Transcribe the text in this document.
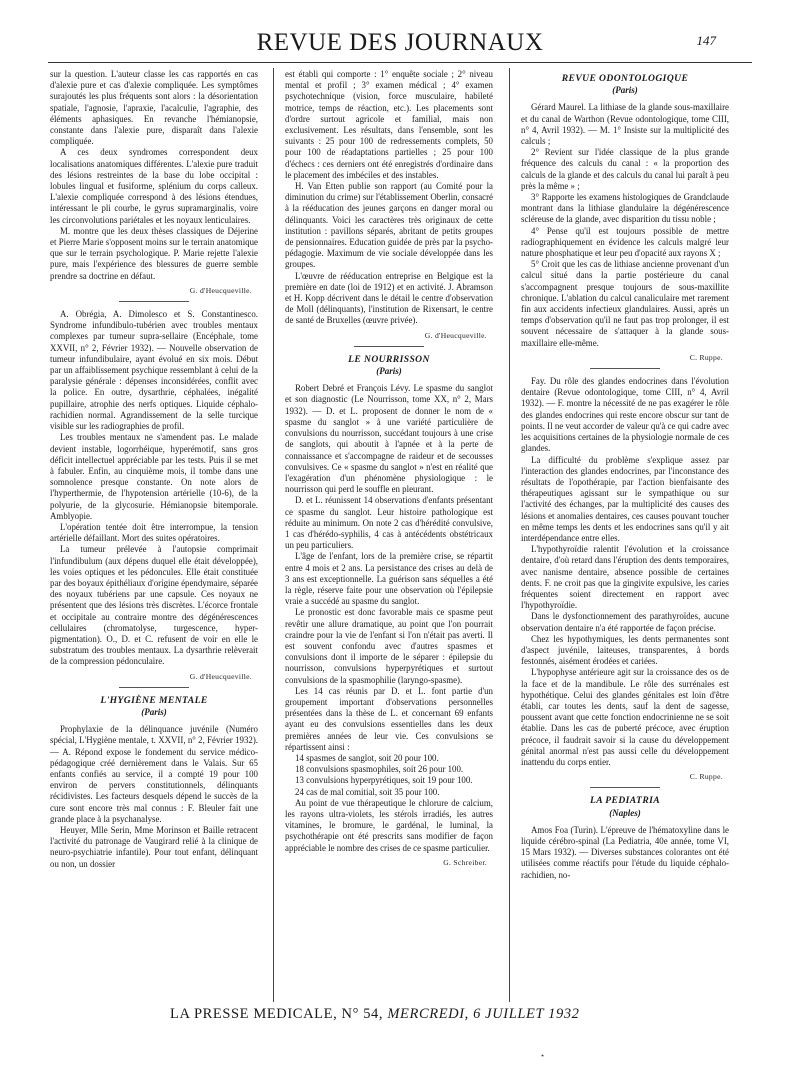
REVUE DES JOURNAUX	147

sur la question. L'auteur classe les cas rapportés en cas d'alexie pure et cas d'alexie compliquée. Les symptômes surajoutés les plus fréquents sont alors : la désorientation spatiale, l'agnosie, l'apraxie, l'acalculie, l'agraphie, des éléments aphasiques. En revanche l'hémianopsie, constante dans l'alexie pure, disparaît dans l'alexie compliquée.

A ces deux syndromes correspondent deux localisations anatomiques différentes. L'alexie pure traduit des lésions restreintes de la base du lobe occipital : lobules lingual et fusiforme, splénium du corps calleux. L'alexie compliquée correspond à des lésions étendues, intéressant le pli courbe, le gyrus supramarginalis, voire les circonvolutions pariétales et les noyaux lenticulaires.

M. montre que les deux thèses classiques de Déjerine et Pierre Marie s'opposent moins sur le terrain anatomique que sur le terrain psychologique. P. Marie rejette l'alexie pure, mais l'expérience des blessures de guerre semble prendre sa doctrine en défaut.

G. d'Heucqueville.

A. Obrégia, A. Dimolesco et S. Constantinesco. Syndrome infundibulo-tubérien avec troubles mentaux complexes par tumeur supra-sellaire (Encéphale, tome XXVII, n° 2, Février 1932). — Nouvelle observation de tumeur infundibulaire, ayant évolué en six mois. Début par un affaiblissement psychique ressemblant à celui de la paralysie générale : dépenses inconsidérées, conflit avec la police. En outre, dysarthrie, céphalées, inégalité pupillaire, atrophie des nerfs optiques. Liquide céphalo-rachidien normal. Agrandissement de la selle turcique visible sur les radiographies de profil.

Les troubles mentaux ne s'amendent pas. Le malade devient instable, logorrhéique, hyperémotif, sans gros déficit intellectuel appréciable par les tests. Puis il se met à fabuler. Enfin, au cinquième mois, il tombe dans une somnolence presque constante. On note alors de l'hyperthermie, de l'hypotension artérielle (10-6), de la polyurie, de la glycosurie. Hémianopsie bitemporale. Amblyopie.

L'opération tentée doit être interrompue, la tension artérielle défaillant. Mort des suites opératoires.

La tumeur prélevée à l'autopsie comprimait l'infundibulum (aux dépens duquel elle était développée), les voies optiques et les pédoncules. Elle était constituée par des boyaux épithéliaux d'origine épendymaire, séparée des noyaux tubériens par une capsule. Ces noyaux ne présentent que des lésions très discrètes. L'écorce frontale et occipitale au contraire montre des dégénérescences cellulaires (chromatolyse, turgescence, hyper-pigmentation). O., D. et C. refusent de voir en elle le substratum des troubles mentaux. La dysarthrie relèverait de la compression pédonculaire.

G. d'Heucqueville.

L'HYGIÈNE MENTALE

(Paris)

Prophylaxie de la délinquance juvénile (Numéro spécial, L'Hygiène mentale, t. XXVII, n° 2, Février 1932). — A. Répond expose le fondement du service médico-pédagogique créé dernièrement dans le Valais. Sur 65 enfants confiés au service, il a compté 19 pour 100 environ de pervers constitutionnels, délinquants récidivistes. Les facteurs desquels dépend le succès de la cure sont encore très mal connus : F. Bleuler fait une grande place à la psychanalyse.

Heuyer, Mlle Serin, Mme Morinson et Baille retracent l'activité du patronage de Vaugirard relié à la clinique de neuro-psychiatrie infantile). Pour tout enfant, délinquant ou non, un dossier

est établi qui comporte : 1° enquête sociale ; 2° niveau mental et profil ; 3° examen médical ; 4° examen psychotechnique (vision, force musculaire, habileté motrice, temps de réaction, etc.). Les placements sont d'ordre surtout agricole et familial, mais non exclusivement. Les résultats, dans l'ensemble, sont les suivants : 25 pour 100 de redressements complets, 50 pour 100 de réadaptations partielles ; 25 pour 100 d'échecs : ces derniers ont été enregistrés d'ordinaire dans le placement des imbéciles et des instables.

H. Van Etten publie son rapport (au Comité pour la diminution du crime) sur l'établissement Oberlin, consacré à la rééducation des jeunes garçons en danger moral ou délinquants. Voici les caractères très originaux de cette institution : pavillons séparés, abritant de petits groupes de pensionnaires. Education guidée de près par la psycho-pédagogie. Maximum de vie sociale développée dans les groupes.

L'œuvre de rééducation entreprise en Belgique est la première en date (loi de 1912) et en activité. J. Abramson et H. Kopp décrivent dans le détail le centre d'observation de Moll (délinquants), l'institution de Rixensart, le centre de santé de Bruxelles (œuvre privée).

G. d'Heucqueville.

LE NOURRISSON

(Paris)

Robert Debré et François Lévy. Le spasme du sanglot et son diagnostic (Le Nourrisson, tome XX, n° 2, Mars 1932). — D. et L. proposent de donner le nom de « spasme du sanglot » à une variété particulière de convulsions du nourrisson, succédant toujours à une crise de sanglots, qui aboutit à l'apnée et à la perte de connaissance et s'accompagne de raideur et de secousses convulsives. Ce « spasme du sanglot » n'est en réalité que l'exagération d'un phénomène physiologique : le nourrisson qui perd le souffle en pleurant.

D. et L. réunissent 14 observations d'enfants présentant ce spasme du sanglot. Leur histoire pathologique est réduite au minimum. On note 2 cas d'hérédité convulsive, 1 cas d'hérédo-syphilis, 4 cas à antécédents obstétricaux un peu particuliers.

L'âge de l'enfant, lors de la première crise, se répartit entre 4 mois et 2 ans. La persistance des crises au delà de 3 ans est exceptionnelle. La guérison sans séquelles a été la règle, réserve faite pour une observation où l'épilepsie vraie a succédé au spasme du sanglot.

Le pronostic est donc favorable mais ce spasme peut revêtir une allure dramatique, au point que l'on pourrait craindre pour la vie de l'enfant si l'on n'était pas averti. Il est souvent confondu avec d'autres spasmes et convulsions dont il importe de le séparer : épilepsie du nourrisson, convulsions hyperpyrétiques et surtout convulsions de la spasmophilie (laryngo-spasme).

Les 14 cas réunis par D. et L. font partie d'un groupement important d'observations personnelles présentées dans la thèse de L. et concernant 69 enfants ayant eu des convulsions essentielles dans les deux premières années de leur vie. Ces convulsions se répartissent ainsi :

14 spasmes de sanglot, soit 20 pour 100.

18 convulsions spasmophiles, soit 26 pour 100.

13 convulsions hyperpyrétiques, soit 19 pour 100.

24 cas de mal comitial, soit 35 pour 100.

Au point de vue thérapeutique le chlorure de calcium, les rayons ultra-violets, les stérols irradiés, les autres vitamines, le bromure, le gardénal, le luminal, la psychothérapie ont été prescrits sans modifier de façon appréciable le nombre des crises de ce spasme particulier.

G. Schreiber.

REVUE ODONTOLOGIQUE

(Paris)

Gérard Maurel. La lithiase de la glande sous-maxillaire et du canal de Warthon (Revue odontologique, tome CIII, n° 4, Avril 1932). — M. 1° Insiste sur la multiplicité des calculs ;

2° Revient sur l'idée classique de la plus grande fréquence des calculs du canal : « la proportion des calculs de la glande et des calculs du canal lui paraît à peu près la même » ;

3° Rapporte les examens histologiques de Grandclaude montrant dans la lithiase glandulaire la dégénérescence scléreuse de la glande, avec disparition du tissu noble ;

4° Pense qu'il est toujours possible de mettre radiographiquement en évidence les calculs malgré leur nature phosphatique et leur peu d'opacité aux rayons X ;

5° Croit que les cas de lithiase ancienne provenant d'un calcul situé dans la partie postérieure du canal s'accompagnent presque toujours de sous-maxillite chronique. L'ablation du calcul canaliculaire met rarement fin aux accidents infectieux glandulaires. Aussi, après un temps d'observation qu'il ne faut pas trop prolonger, il est souvent nécessaire de s'attaquer à la glande sous-maxillaire elle-même.

C. Ruppe.

Fay. Du rôle des glandes endocrines dans l'évolution dentaire (Revue odontologique, tome CIII, n° 4, Avril 1932). — F. montre la nécessité de ne pas exagérer le rôle des glandes endocrines qui reste encore obscur sur tant de points. Il ne veut accorder de valeur qu'à ce qui cadre avec les acquisitions certaines de la physiologie normale de ces glandes.

La difficulté du problème s'explique assez par l'interaction des glandes endocrines, par l'inconstance des résultats de l'opothérapie, par l'action bienfaisante des thérapeutiques agissant sur le sympathique ou sur l'activité des échanges, par la multiplicité des causes des lésions et anomalies dentaires, ces causes pouvant toucher en même temps les dents et les endocrines sans qu'il y ait interdépendance entre elles.

L'hypothyroïdie ralentit l'évolution et la croissance dentaire, d'où retard dans l'éruption des dents temporaires, avec nanisme dentaire, absence possible de certaines dents. F. ne croit pas que la gingivite expulsive, les caries fréquentes soient directement en rapport avec l'hypothyroïdie.

Dans le dysfonctionnement des parathyroïdes, aucune observation dentaire n'a été rapportée de façon précise.

Chez les hypothymiques, les dents permanentes sont d'aspect juvénile, laiteuses, transparentes, à bords festonnés, aisément érodées et cariées.

L'hypophyse antérieure agit sur la croissance des os de la face et de la mandibule. Le rôle des surrénales est hypothétique. Celui des glandes génitales est loin d'être établi, car toutes les dents, sauf la dent de sagesse, poussent avant que cette fonction endocrinienne ne se soit établie. Dans les cas de puberté précoce, avec éruption précoce, il faudrait savoir si la cause du développement génital anormal n'est pas aussi celle du développement inattendu du corps entier.

C. Ruppe.

LA PEDIATRIA

(Naples)

Amos Foa (Turin). L'épreuve de l'hématoxyline dans le liquide cérébro-spinal (La Pediatria, 40e année, tome VI, 15 Mars 1932). — Diverses substances colorantes ont été utilisées comme réactifs pour l'étude du liquide céphalo-rachidien, no-

LA PRESSE MEDICALE, N° 54, MERCREDI, 6 JUILLET 1932
⋆
